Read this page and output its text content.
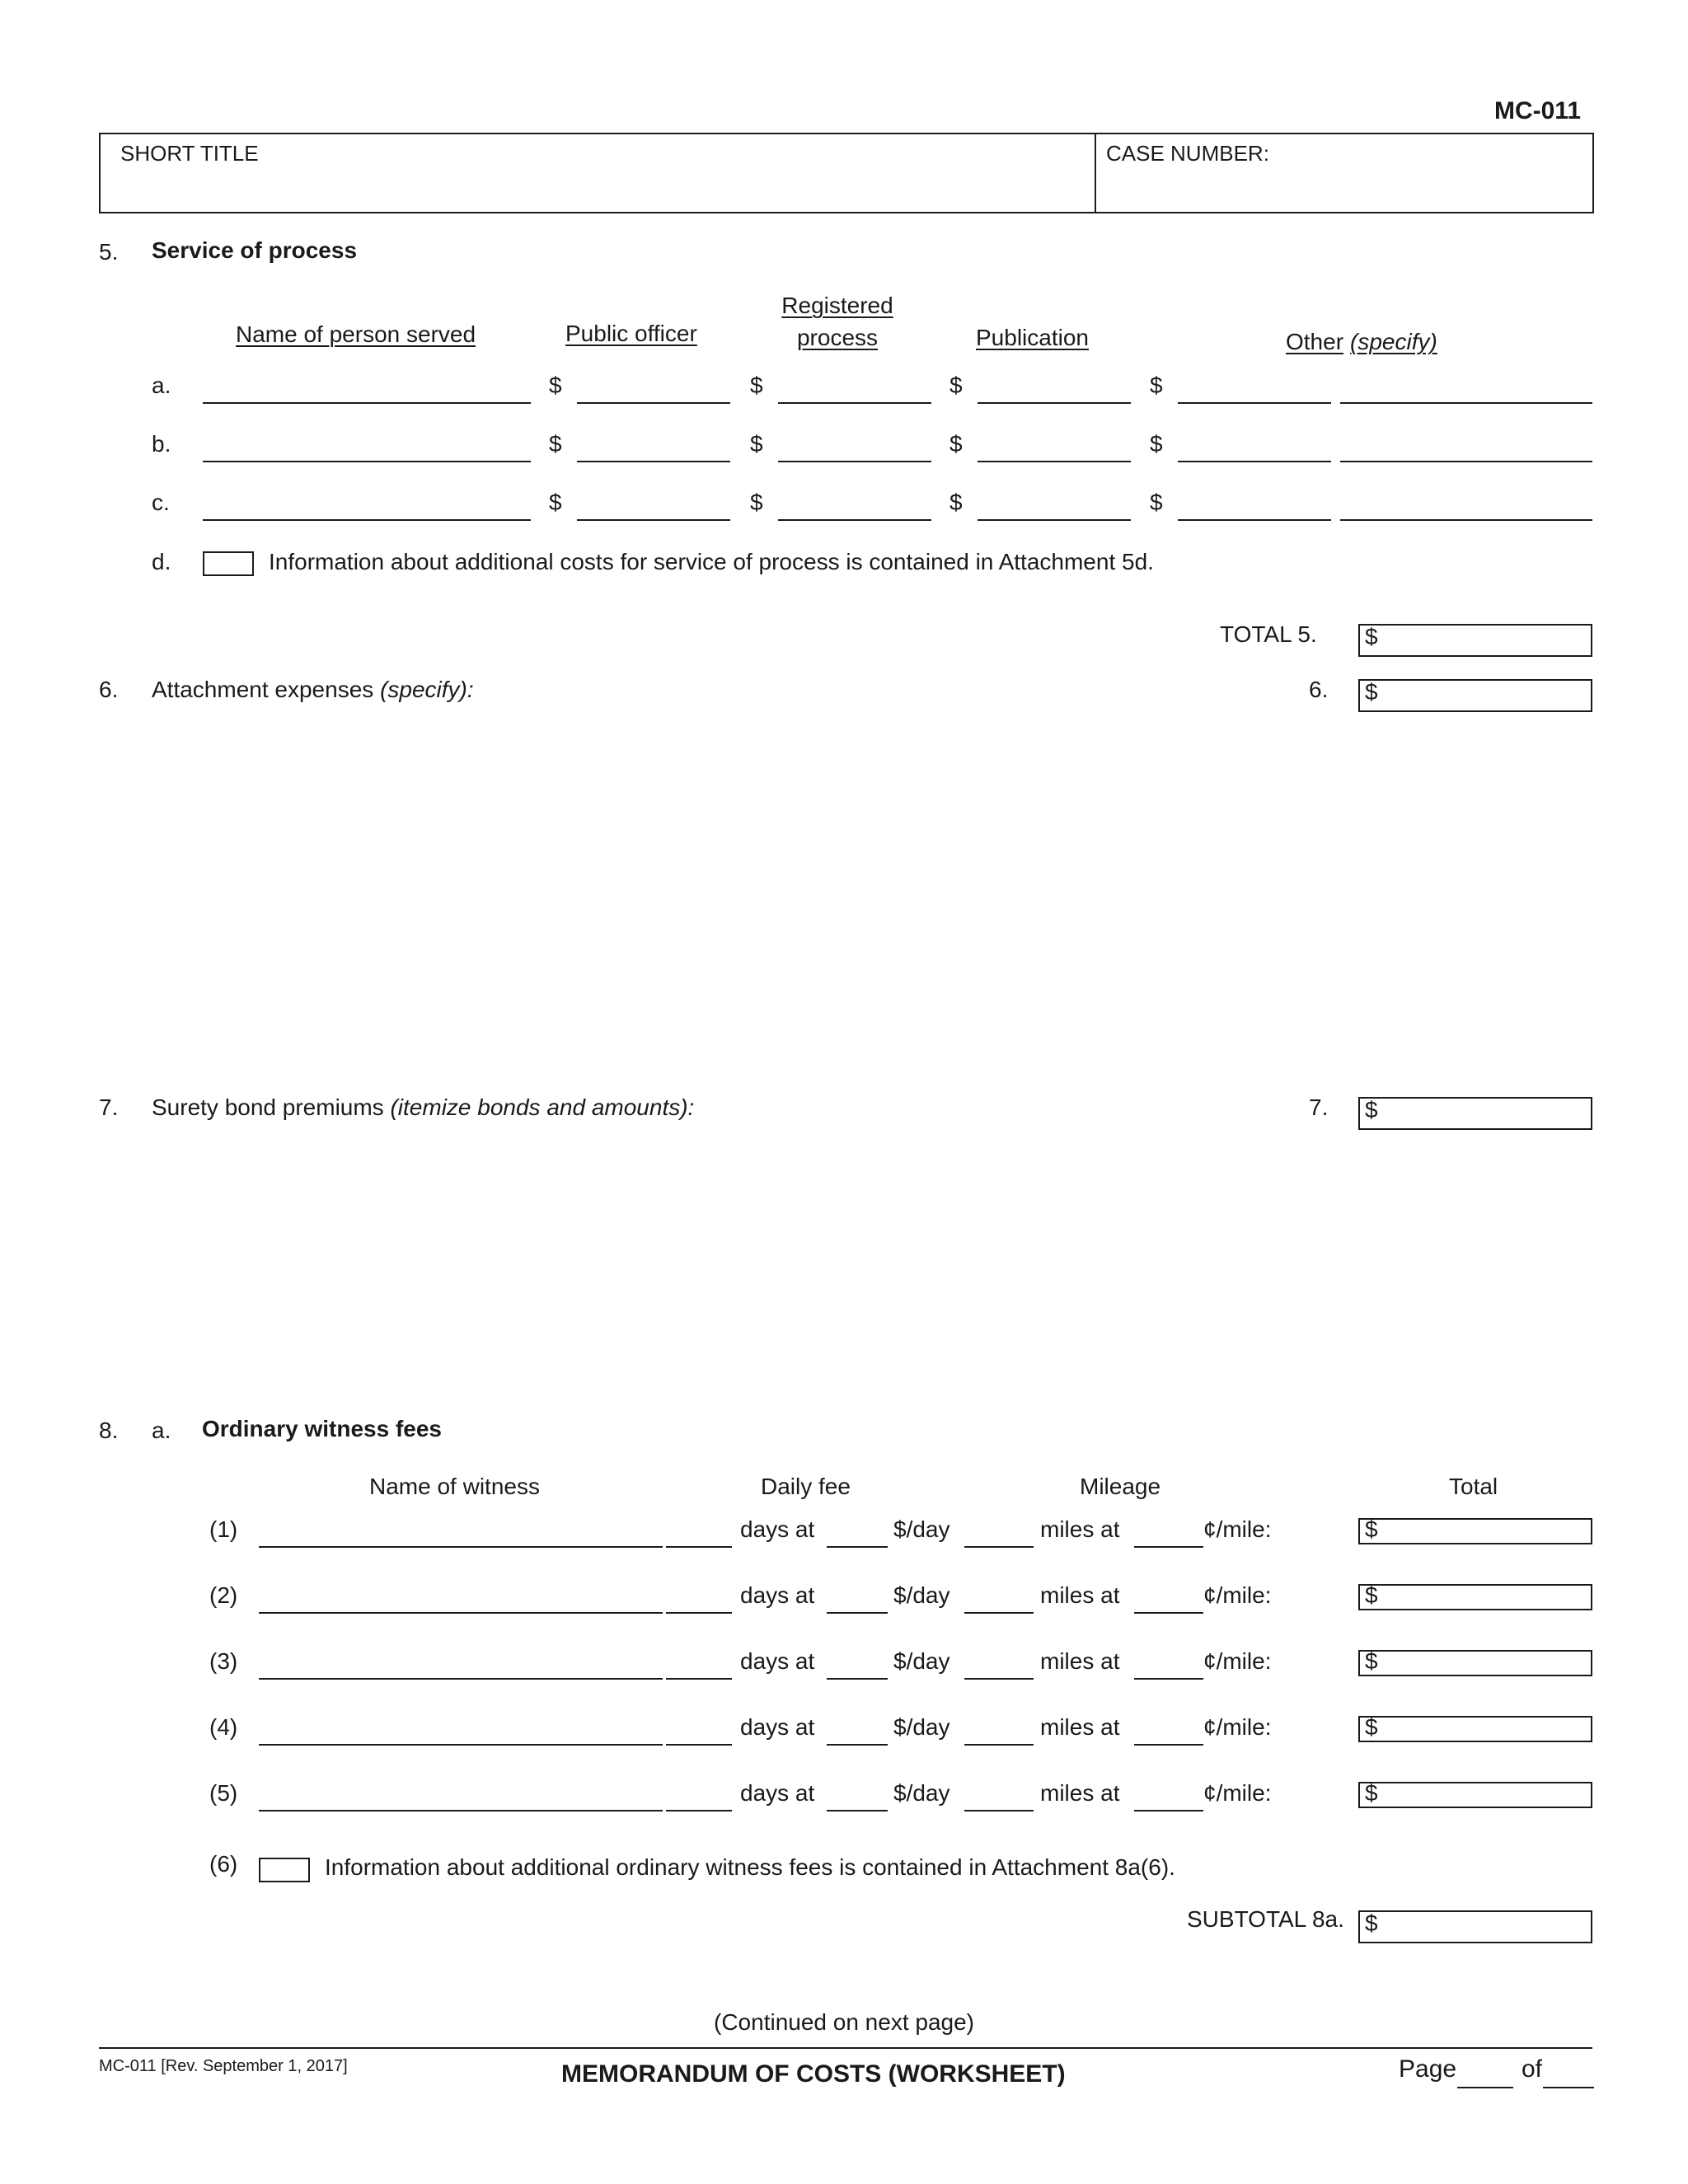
MC-011
SHORT TITLE	CASE NUMBER:
5. Service of process
Name of person served	Public officer
Registered
process	Publication	Other (specify)
a.	$	$	$	$
b.	$	$	$	$
c.	$	$	$	$
d.	Information about additional costs for service of process is contained in Attachment 5d.
TOTAL 5. $
6. Attachment expenses (specify):	6. $
7. Surety bond premiums (itemize bonds and amounts):	7. $
8. a. Ordinary witness fees
Name of witness	Daily fee	Mileage	Total
(1)	days at	$/day	miles at	¢/mile:	$
(2)	days at	$/day	miles at	¢/mile:	$
(3)	days at	$/day	miles at	¢/mile:	$
(4)	days at	$/day	miles at	¢/mile:	$
(5)	days at	$/day	miles at	¢/mile:	$
(6)	Information about additional ordinary witness fees is contained in Attachment 8a(6).
SUBTOTAL 8a. $
(Continued on next page)
MC-011 [Rev. September 1, 2017]	MEMORANDUM OF COSTS (WORKSHEET)	Page	of
